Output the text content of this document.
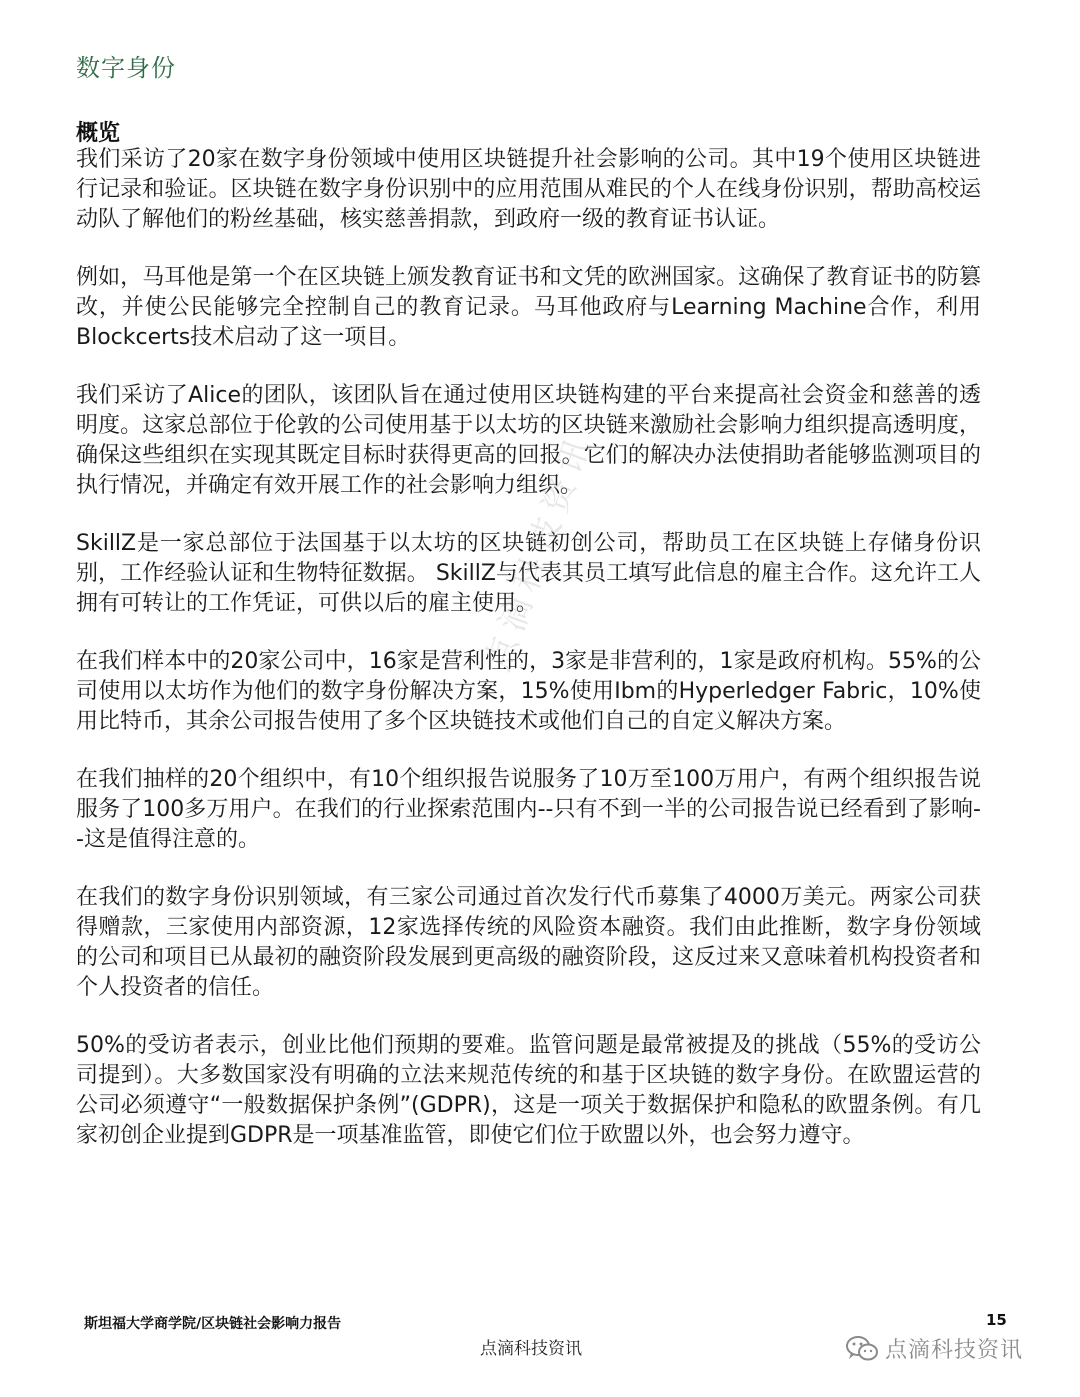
数字身份
概览

我们采访了20家在数字身份领域中使用区块链提升社会影响的公司。其中19个使用区块链进行记录和验证。区块链在数字身份识别中的应用范围从难民的个人在线身份识别，帮助高校运动队了解他们的粉丝基础，核实慈善捐款，到政府一级的教育证书认证。

例如，马耳他是第一个在区块链上颁发教育证书和文凭的欧洲国家。这确保了教育证书的防篡改，并使公民能够完全控制自己的教育记录。马耳他政府与Learning Machine合作，利用Blockcerts技术启动了这一项目。

我们采访了Alice的团队，该团队旨在通过使用区块链构建的平台来提高社会资金和慈善的透明度。这家总部位于伦敦的公司使用基于以太坊的区块链来激励社会影响力组织提高透明度，确保这些组织在实现其既定目标时获得更高的回报。它们的解决办法使捐助者能够监测项目的执行情况，并确定有效开展工作的社会影响力组织。

SkillZ是一家总部位于法国基于以太坊的区块链初创公司，帮助员工在区块链上存储身份识别，工作经验认证和生物特征数据。 SkillZ与代表其员工填写此信息的雇主合作。这允许工人拥有可转让的工作凭证，可供以后的雇主使用。

在我们样本中的20家公司中，16家是营利性的，3家是非营利的，1家是政府机构。55%的公司使用以太坊作为他们的数字身份解决方案，15%使用Ibm的Hyperledger Fabric，10%使用比特币，其余公司报告使用了多个区块链技术或他们自己的自定义解决方案。

在我们抽样的20个组织中，有10个组织报告说服务了10万至100万用户，有两个组织报告说服务了100多万用户。在我们的行业探索范围内--只有不到一半的公司报告说已经看到了影响--这是值得注意的。

在我们的数字身份识别领域，有三家公司通过首次发行代币募集了4000万美元。两家公司获得赠款，三家使用内部资源，12家选择传统的风险资本融资。我们由此推断，数字身份领域的公司和项目已从最初的融资阶段发展到更高级的融资阶段，这反过来又意味着机构投资者和个人投资者的信任。

50%的受访者表示，创业比他们预期的要难。监管问题是最常被提及的挑战（55%的受访公司提到）。大多数国家没有明确的立法来规范传统的和基于区块链的数字身份。在欧盟运营的公司必须遵守“一般数据保护条例”(GDPR)，这是一项关于数据保护和隐私的欧盟条例。有几家初创企业提到GDPR是一项基准监管，即使它们位于欧盟以外，也会努力遵守。

点滴科技资讯
斯坦福大学商学院/区块链社会影响力报告	15
点滴科技资讯	点滴科技资讯
